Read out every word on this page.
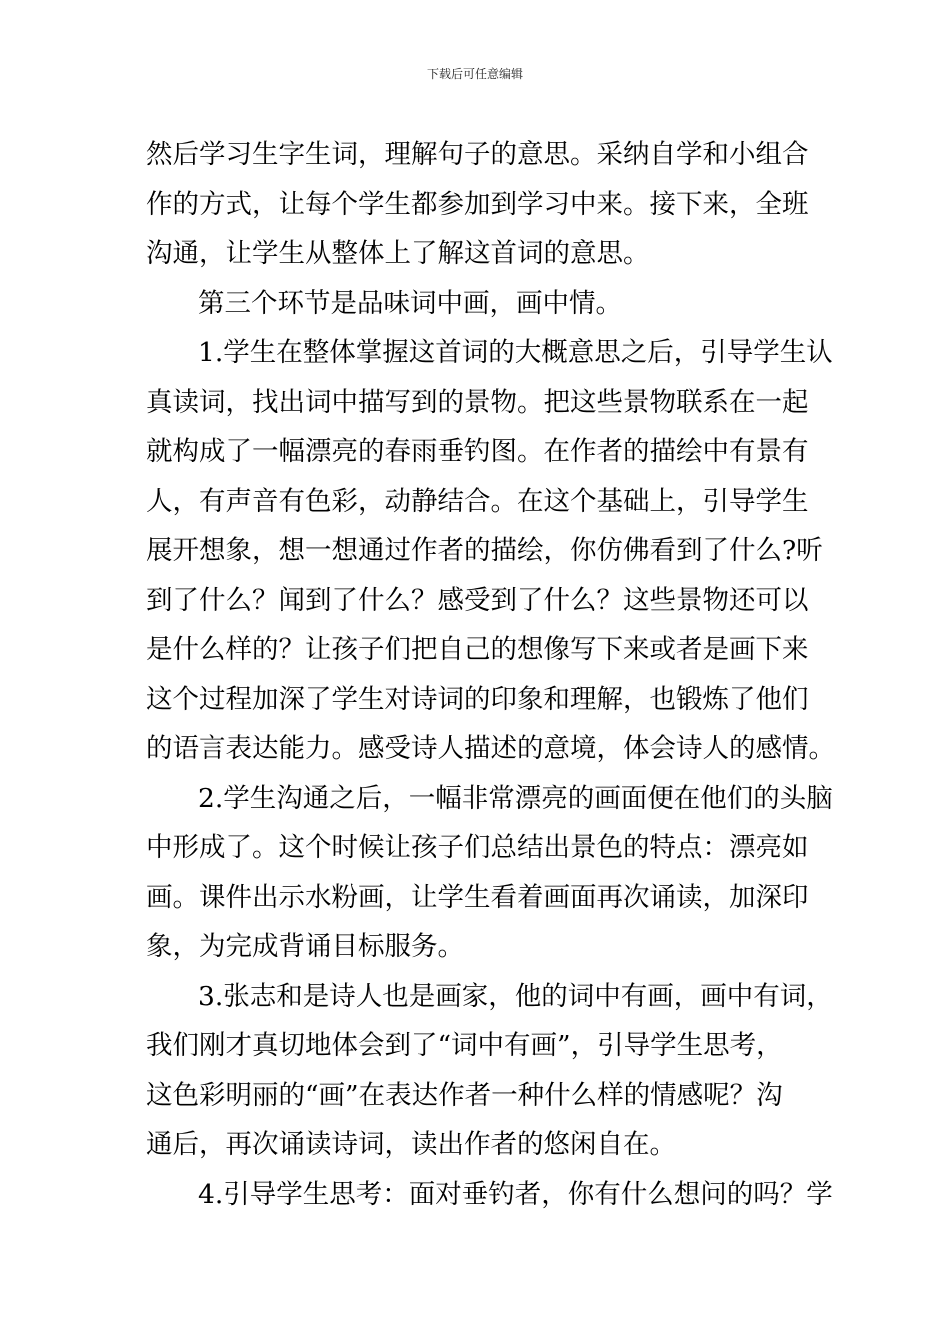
下载后可任意编辑
然后学习生字生词，理解句子的意思。采纳自学和小组合
作的方式，让每个学生都参加到学习中来。接下来，全班
沟通，让学生从整体上了解这首词的意思。
第三个环节是品味词中画，画中情。
1.学生在整体掌握这首词的大概意思之后，引导学生认
真读词，找出词中描写到的景物。把这些景物联系在一起
就构成了一幅漂亮的春雨垂钓图。在作者的描绘中有景有
人，有声音有色彩，动静结合。在这个基础上，引导学生
展开想象，想一想通过作者的描绘，你仿佛看到了什么?听
到了什么？闻到了什么？感受到了什么？这些景物还可以
是什么样的？让孩子们把自己的想像写下来或者是画下来
这个过程加深了学生对诗词的印象和理解，也锻炼了他们
的语言表达能力。感受诗人描述的意境，体会诗人的感情。
2.学生沟通之后，一幅非常漂亮的画面便在他们的头脑
中形成了。这个时候让孩子们总结出景色的特点：漂亮如
画。课件出示水粉画，让学生看着画面再次诵读，加深印
象，为完成背诵目标服务。
3.张志和是诗人也是画家，他的词中有画，画中有词，
我们刚才真切地体会到了“词中有画”，引导学生思考，
这色彩明丽的“画”在表达作者一种什么样的情感呢？沟
通后，再次诵读诗词，读出作者的悠闲自在。
4.引导学生思考：面对垂钓者，你有什么想问的吗？学
